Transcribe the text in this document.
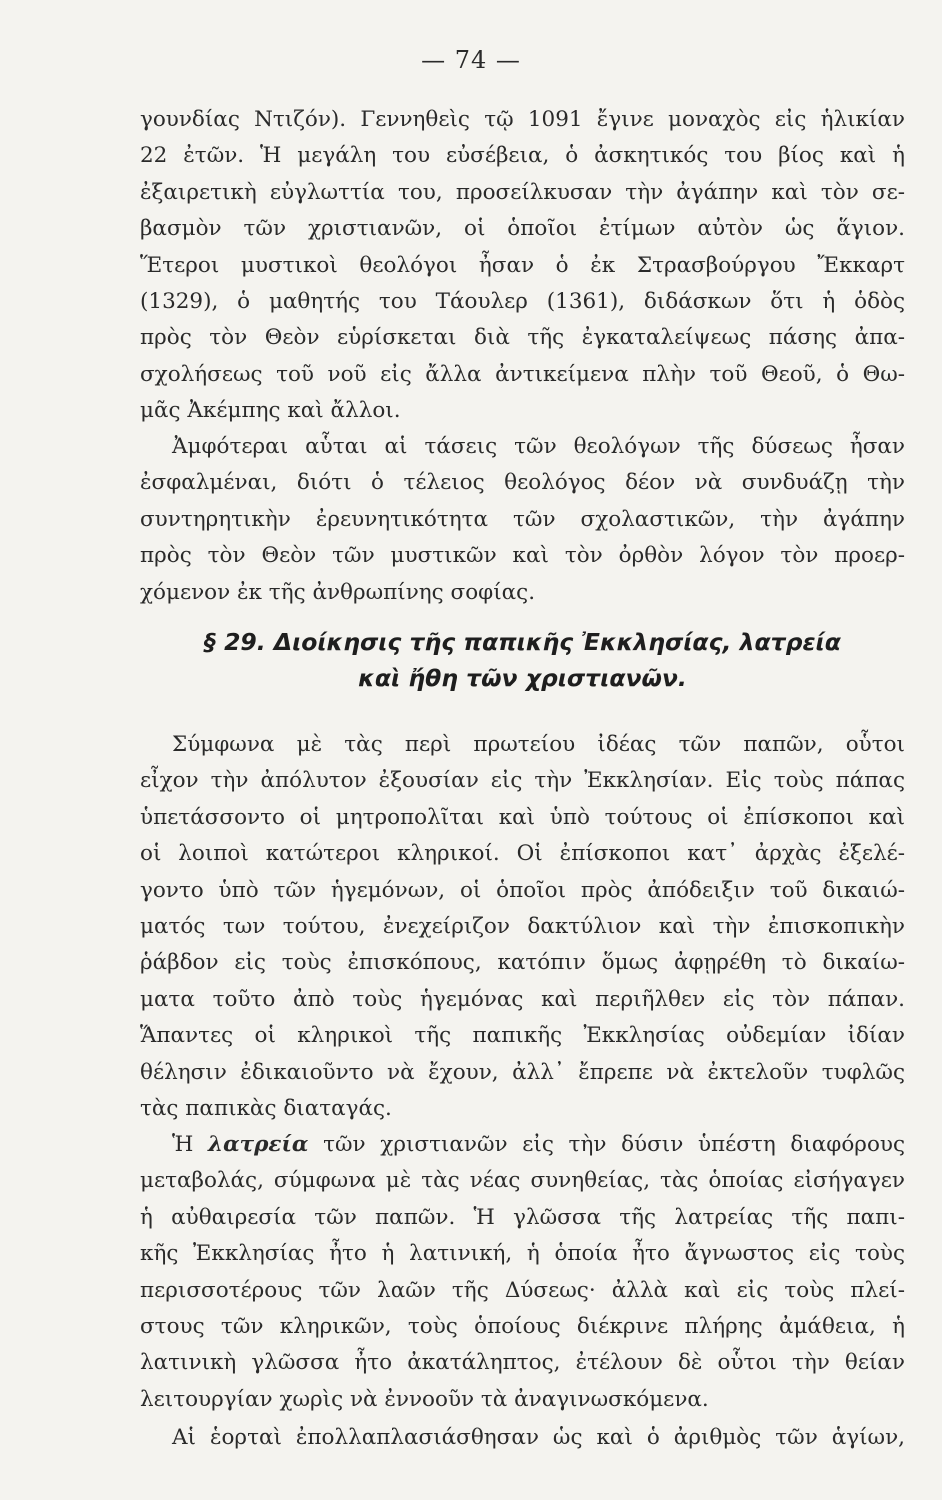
— 74 —
γουνδίας Ντιζόν). Γεννηθεὶς τῷ 1091 ἔγινε μοναχὸς εἰς ἡλικίαν
22 ἐτῶν. Ἡ μεγάλη του εὐσέβεια, ὁ ἀσκητικός του βίος καὶ ἡ
ἐξαιρετικὴ εὐγλωττία του, προσείλκυσαν τὴν ἀγάπην καὶ τὸν σε-
βασμὸν τῶν χριστιανῶν, οἱ ὁποῖοι ἐτίμων αὐτὸν ὡς ἅγιον.
Ἕτεροι μυστικοὶ θεολόγοι ἦσαν ὁ ἐκ Στρασβούργου Ἔκκαρτ
(1329), ὁ μαθητής του Τάουλερ (1361), διδάσκων ὅτι ἡ ὁδὸς
πρὸς τὸν Θεὸν εὑρίσκεται διὰ τῆς ἐγκαταλείψεως πάσης ἀπα-
σχολήσεως τοῦ νοῦ εἰς ἄλλα ἀντικείμενα πλὴν τοῦ Θεοῦ, ὁ Θω-
μᾶς Ἀκέμπης καὶ ἄλλοι.
Ἀμφότεραι αὗται αἱ τάσεις τῶν θεολόγων τῆς δύσεως ἦσαν
ἐσφαλμέναι, διότι ὁ τέλειος θεολόγος δέον νὰ συνδυάζῃ τὴν
συντηρητικὴν ἐρευνητικότητα τῶν σχολαστικῶν, τὴν ἀγάπην
πρὸς τὸν Θεὸν τῶν μυστικῶν καὶ τὸν ὀρθὸν λόγον τὸν προερ-
χόμενον ἐκ τῆς ἀνθρωπίνης σοφίας.
§ 29. Διοίκησις τῆς παπικῆς Ἐκκλησίας, λατρεία
καὶ ἤθη τῶν χριστιανῶν.
Σύμφωνα μὲ τὰς περὶ πρωτείου ἰδέας τῶν παπῶν, οὗτοι
εἶχον τὴν ἀπόλυτον ἐξουσίαν εἰς τὴν Ἐκκλησίαν. Εἰς τοὺς πάπας
ὑπετάσσοντο οἱ μητροπολῖται καὶ ὑπὸ τούτους οἱ ἐπίσκοποι καὶ
οἱ λοιποὶ κατώτεροι κληρικοί. Οἱ ἐπίσκοποι κατ᾽ ἀρχὰς ἐξελέ-
γοντο ὑπὸ τῶν ἡγεμόνων, οἱ ὁποῖοι πρὸς ἀπόδειξιν τοῦ δικαιώ-
ματός των τούτου, ἐνεχείριζον δακτύλιον καὶ τὴν ἐπισκοπικὴν
ῥάβδον εἰς τοὺς ἐπισκόπους, κατόπιν ὅμως ἀφῃρέθη τὸ δικαίω-
ματα τοῦτο ἀπὸ τοὺς ἡγεμόνας καὶ περιῆλθεν εἰς τὸν πάπαν.
Ἅπαντες οἱ κληρικοὶ τῆς παπικῆς Ἐκκλησίας οὐδεμίαν ἰδίαν
θέλησιν ἐδικαιοῦντο νὰ ἔχουν, ἀλλ᾽ ἔπρεπε νὰ ἐκτελοῦν τυφλῶς
τὰς παπικὰς διαταγάς.
Ἡ λατρεία τῶν χριστιανῶν εἰς τὴν δύσιν ὑπέστη διαφόρους
μεταβολάς, σύμφωνα μὲ τὰς νέας συνηθείας, τὰς ὁποίας εἰσήγαγεν
ἡ αὐθαιρεσία τῶν παπῶν. Ἡ γλῶσσα τῆς λατρείας τῆς παπι-
κῆς Ἐκκλησίας ἦτο ἡ λατινική, ἡ ὁποία ἦτο ἄγνωστος εἰς τοὺς
περισσοτέρους τῶν λαῶν τῆς Δύσεως· ἀλλὰ καὶ εἰς τοὺς πλεί-
στους τῶν κληρικῶν, τοὺς ὁποίους διέκρινε πλήρης ἀμάθεια, ἡ
λατινικὴ γλῶσσα ἦτο ἀκατάληπτος, ἐτέλουν δὲ οὗτοι τὴν θείαν
λειτουργίαν χωρὶς νὰ ἐννοοῦν τὰ ἀναγινωσκόμενα.
Αἱ ἑορταὶ ἐπολλαπλασιάσθησαν ὡς καὶ ὁ ἀριθμὸς τῶν ἁγίων,
